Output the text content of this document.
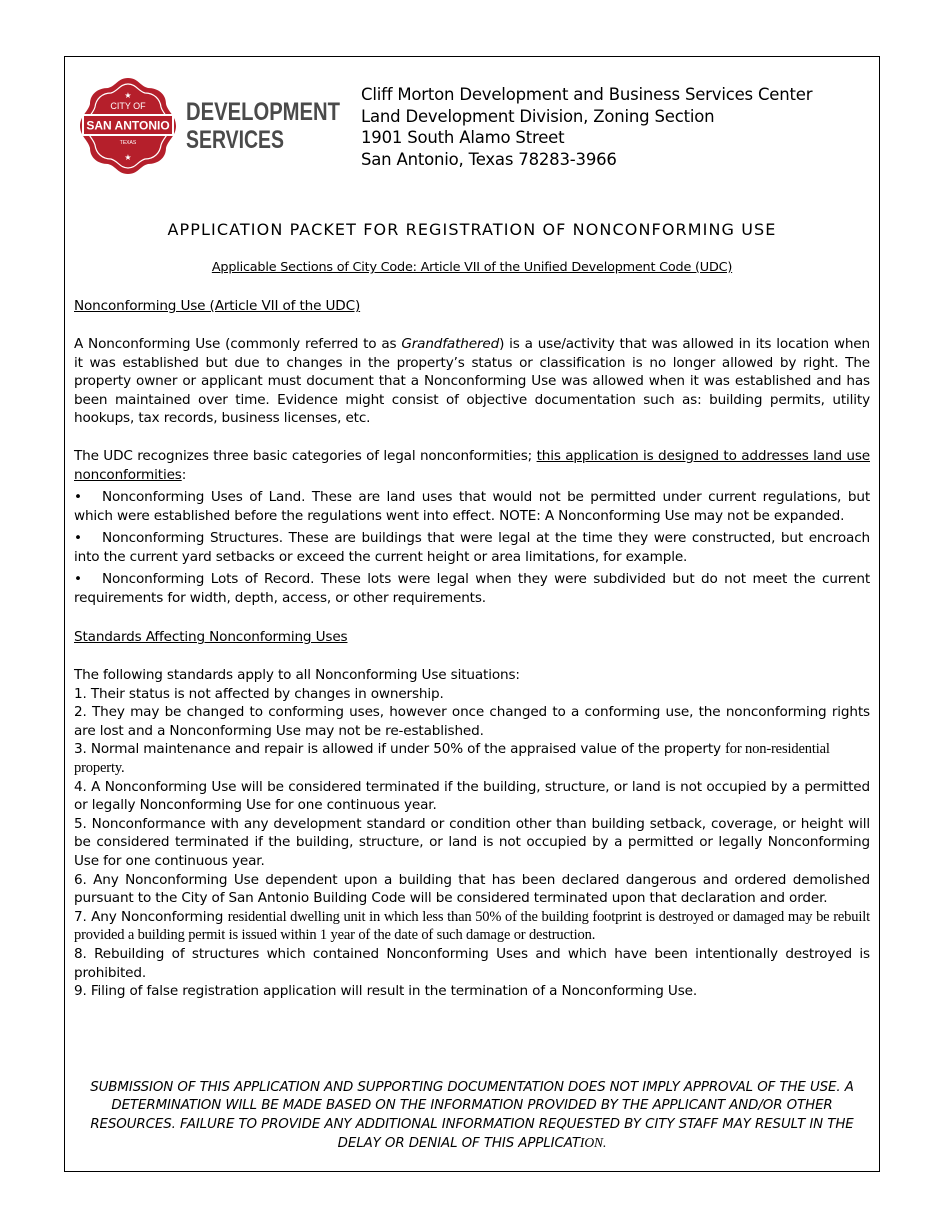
★
CITY OF
SAN ANTONIO
TEXAS
★
DEVELOPMENT
SERVICES
Cliff Morton Development and Business Services Center
Land Development Division, Zoning Section
1901 South Alamo Street
San Antonio, Texas 78283-3966
APPLICATION PACKET FOR REGISTRATION OF NONCONFORMING USE
Applicable Sections of City Code: Article VII of the Unified Development Code (UDC)
Nonconforming Use (Article VII of the UDC)
A Nonconforming Use (commonly referred to as Grandfathered) is a use/activity that was allowed in its location when it was established but due to changes in the property’s status or classification is no longer allowed by right. The property owner or applicant must document that a Nonconforming Use was allowed when it was established and has been maintained over time. Evidence might consist of objective documentation such as: building permits, utility hookups, tax records, business licenses, etc.
The UDC recognizes three basic categories of legal nonconformities; this application is designed to addresses land use nonconformities:
• Nonconforming Uses of Land. These are land uses that would not be permitted under current regulations, but which were established before the regulations went into effect. NOTE: A Nonconforming Use may not be expanded.
• Nonconforming Structures. These are buildings that were legal at the time they were constructed, but encroach into the current yard setbacks or exceed the current height or area limitations, for example.
• Nonconforming Lots of Record. These lots were legal when they were subdivided but do not meet the current requirements for width, depth, access, or other requirements.
Standards Affecting Nonconforming Uses

The following standards apply to all Nonconforming Use situations:

1. Their status is not affected by changes in ownership.

2. They may be changed to conforming uses, however once changed to a conforming use, the nonconforming rights are lost and a Nonconforming Use may not be re-established.

3. Normal maintenance and repair is allowed if under 50% of the appraised value of the property for non-residential property.

4. A Nonconforming Use will be considered terminated if the building, structure, or land is not occupied by a permitted or legally Nonconforming Use for one continuous year.

5. Nonconformance with any development standard or condition other than building setback, coverage, or height will be considered terminated if the building, structure, or land is not occupied by a permitted or legally Nonconforming Use for one continuous year.

6. Any Nonconforming Use dependent upon a building that has been declared dangerous and ordered demolished pursuant to the City of San Antonio Building Code will be considered terminated upon that declaration and order.

7. Any Nonconforming residential dwelling unit in which less than 50% of the building footprint is destroyed or damaged may be rebuilt provided a building permit is issued within 1 year of the date of such damage or destruction.

8. Rebuilding of structures which contained Nonconforming Uses and which have been intentionally destroyed is prohibited.

9. Filing of false registration application will result in the termination of a Nonconforming Use.

SUBMISSION OF THIS APPLICATION AND SUPPORTING DOCUMENTATION DOES NOT IMPLY APPROVAL OF THE USE. A DETERMINATION WILL BE MADE BASED ON THE INFORMATION PROVIDED BY THE APPLICANT AND/OR OTHER RESOURCES. FAILURE TO PROVIDE ANY ADDITIONAL INFORMATION REQUESTED BY CITY STAFF MAY RESULT IN THE DELAY OR DENIAL OF THIS APPLICATION.
